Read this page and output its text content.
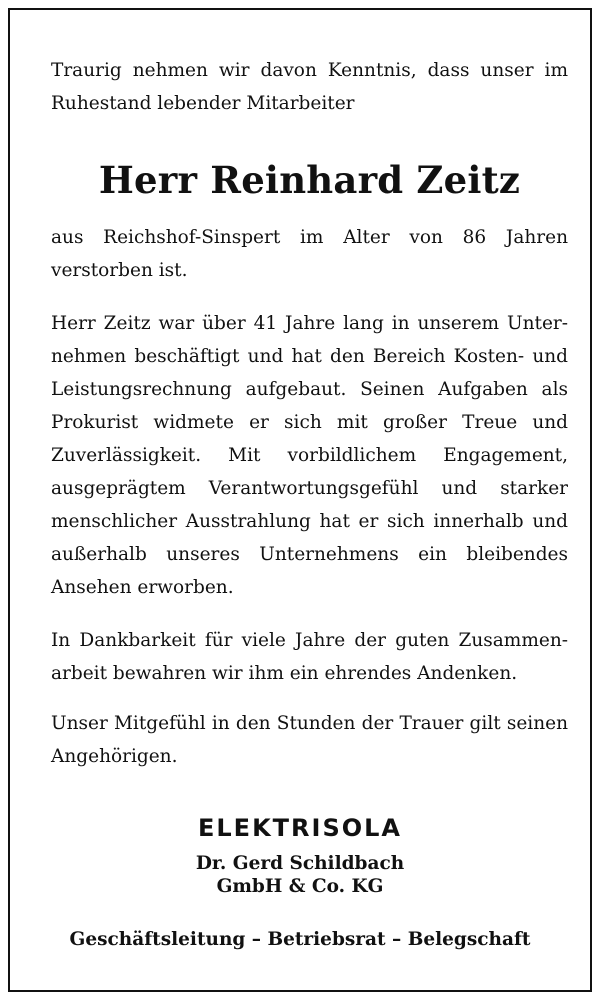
Traurig nehmen wir davon Kenntnis, dass unser im Ruhestand lebender Mitarbeiter

Herr Reinhard Zeitz

aus Reichshof-Sinspert im Alter von 86 Jahren verstorben ist.

Herr Zeitz war über 41 Jahre lang in unserem Unternehmen beschäftigt und hat den Bereich Kosten- und Leistungsrechnung aufgebaut. Seinen Aufgaben als Prokurist widmete er sich mit großer Treue und Zuverlässigkeit. Mit vorbildlichem Engagement, ausgeprägtem Verantwortungsgefühl und starker menschlicher Ausstrahlung hat er sich innerhalb und außerhalb unseres Unternehmens ein bleibendes Ansehen erworben.

In Dankbarkeit für viele Jahre der guten Zusammenarbeit bewahren wir ihm ein ehrendes Andenken.

Unser Mitgefühl in den Stunden der Trauer gilt seinen Angehörigen.

ELEKTRISOLA
Dr. Gerd Schildbach
GmbH & Co. KG
Geschäftsleitung – Betriebsrat – Belegschaft
